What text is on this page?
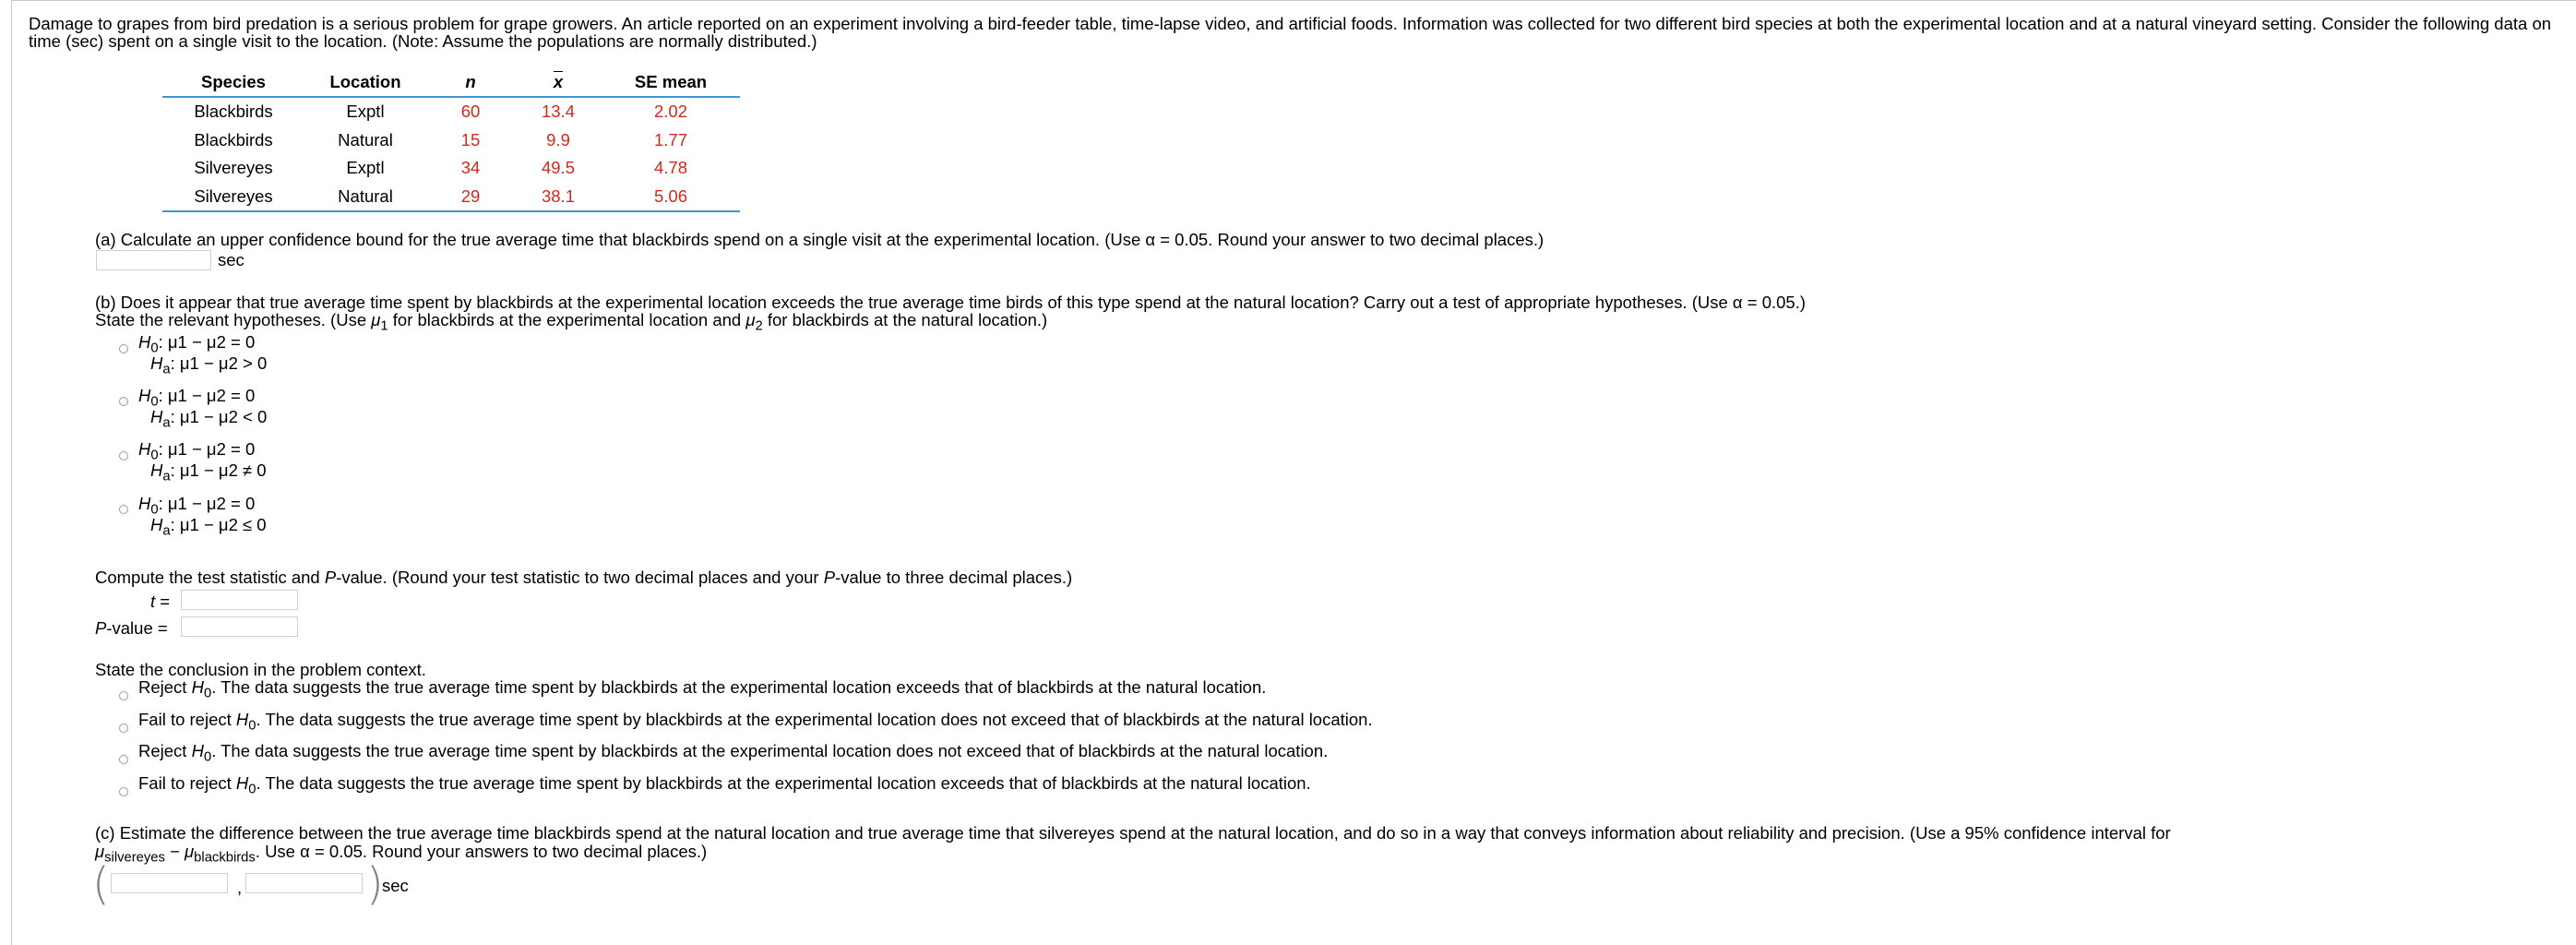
Damage to grapes from bird predation is a serious problem for grape growers. An article reported on an experiment involving a bird-feeder table, time-lapse video, and artificial foods. Information was collected for two different bird species at both the experimental location and at a natural vineyard setting. Consider the following data on time (sec) spent on a single visit to the location. (Note: Assume the populations are normally distributed.)
Species	Location	n	$\overline{x}$	SE mean
Blackbirds	Exptl	60	13.4	2.02
Blackbirds	Natural	15	9.9	1.77
Silvereyes	Exptl	34	49.5	4.78
Silvereyes	Natural	29	38.1	5.06
(a) Calculate an upper confidence bound for the true average time that blackbirds spend on a single visit at the experimental location. (Use α = 0.05. Round your answer to two decimal places.)
sec
(b) Does it appear that true average time spent by blackbirds at the experimental location exceeds the true average time birds of this type spend at the natural location? Carry out a test of appropriate hypotheses. (Use α = 0.05.)
State the relevant hypotheses. (Use $\mu_1$ for blackbirds at the experimental location and $\mu_2$ for blackbirds at the natural location.)
$H_0$: μ1 − μ2 = 0
$H_a$: μ1 − μ2 > 0
$H_0$: μ1 − μ2 = 0
$H_a$: μ1 − μ2 < 0
$H_0$: μ1 − μ2 = 0
$H_a$: μ1 − μ2 ≠ 0
$H_0$: μ1 − μ2 = 0
$H_a$: μ1 − μ2 ≤ 0
Compute the test statistic and P-value. (Round your test statistic to two decimal places and your P-value to three decimal places.)
t =
P-value =
State the conclusion in the problem context.
Reject $H_0$. The data suggests the true average time spent by blackbirds at the experimental location exceeds that of blackbirds at the natural location.
Fail to reject $H_0$. The data suggests the true average time spent by blackbirds at the experimental location does not exceed that of blackbirds at the natural location.
Reject $H_0$. The data suggests the true average time spent by blackbirds at the experimental location does not exceed that of blackbirds at the natural location.
Fail to reject $H_0$. The data suggests the true average time spent by blackbirds at the experimental location exceeds that of blackbirds at the natural location.
(c) Estimate the difference between the true average time blackbirds spend at the natural location and true average time that silvereyes spend at the natural location, and do so in a way that conveys information about reliability and precision. (Use a 95% confidence interval for
$\mu_{silvereyes} - \mu_{blackbirds}$. Use α = 0.05. Round your answers to two decimal places.)
(	,	)
sec
